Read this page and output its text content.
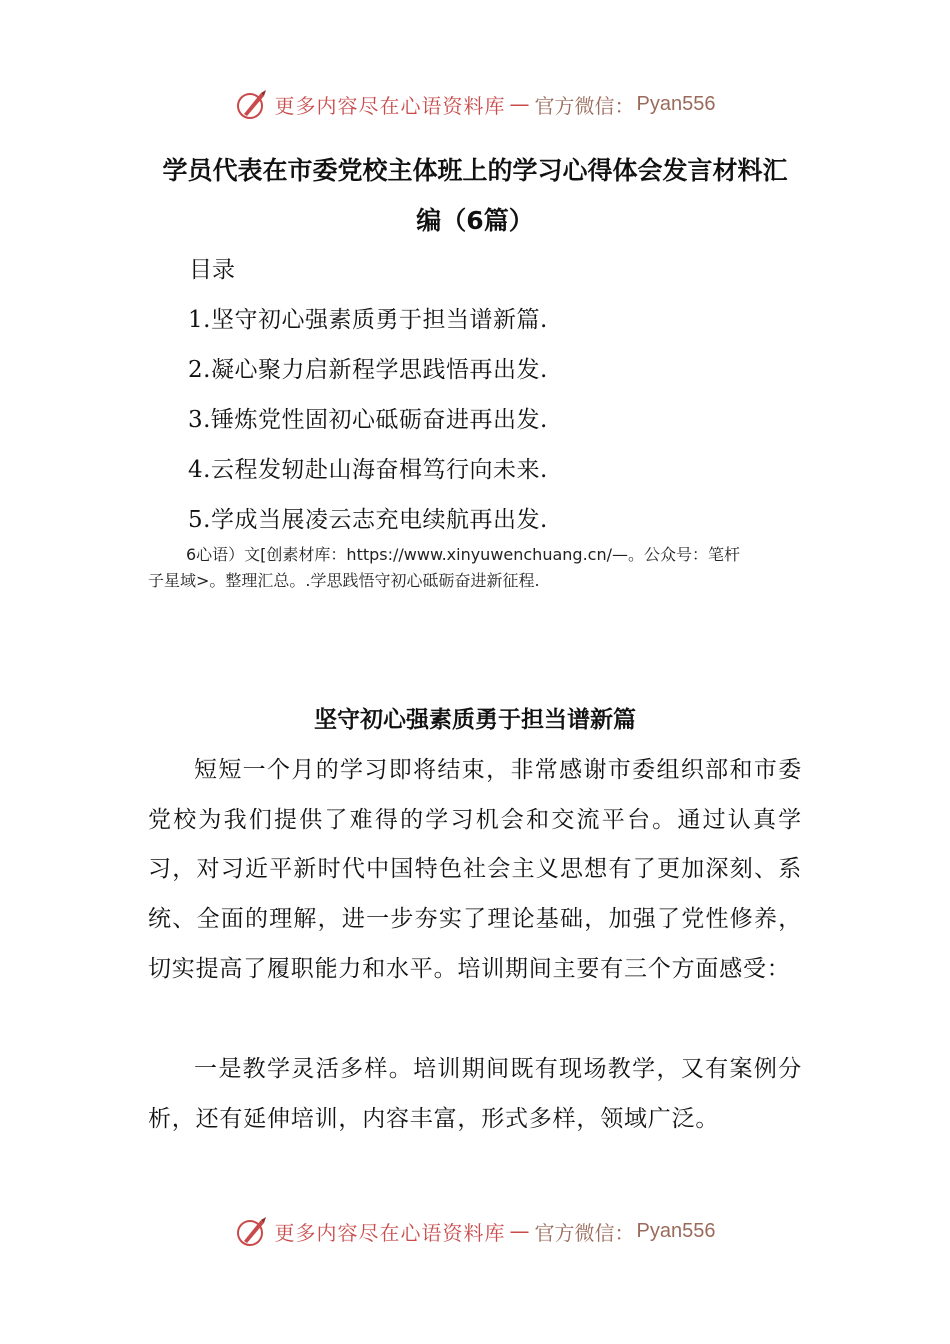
更多内容尽在心语资料库 — 官方微信： Pyan556
学员代表在市委党校主体班上的学习心得体会发言材料汇
编（6篇）
目录
1.坚守初心强素质勇于担当谱新篇.
2.凝心聚力启新程学思践悟再出发.
3.锤炼党性固初心砥砺奋进再出发.
4.云程发轫赴山海奋楫笃行向未来.
5.学成当展凌云志充电续航再出发.
6心语）文[创素材库：https://www.xinyuwenchuang.cn/—。公众号：笔杆
子星域>。整理汇总。.学思践悟守初心砥砺奋进新征程.
坚守初心强素质勇于担当谱新篇

短短一个月的学习即将结束，非常感谢市委组织部和市委党校为我们提供了难得的学习机会和交流平台。通过认真学习，对习近平新时代中国特色社会主义思想有了更加深刻、系统、全面的理解，进一步夯实了理论基础，加强了党性修养，切实提高了履职能力和水平。培训期间主要有三个方面感受：

一是教学灵活多样。培训期间既有现场教学，又有案例分析，还有延伸培训，内容丰富，形式多样，领域广泛。

更多内容尽在心语资料库 — 官方微信： Pyan556
